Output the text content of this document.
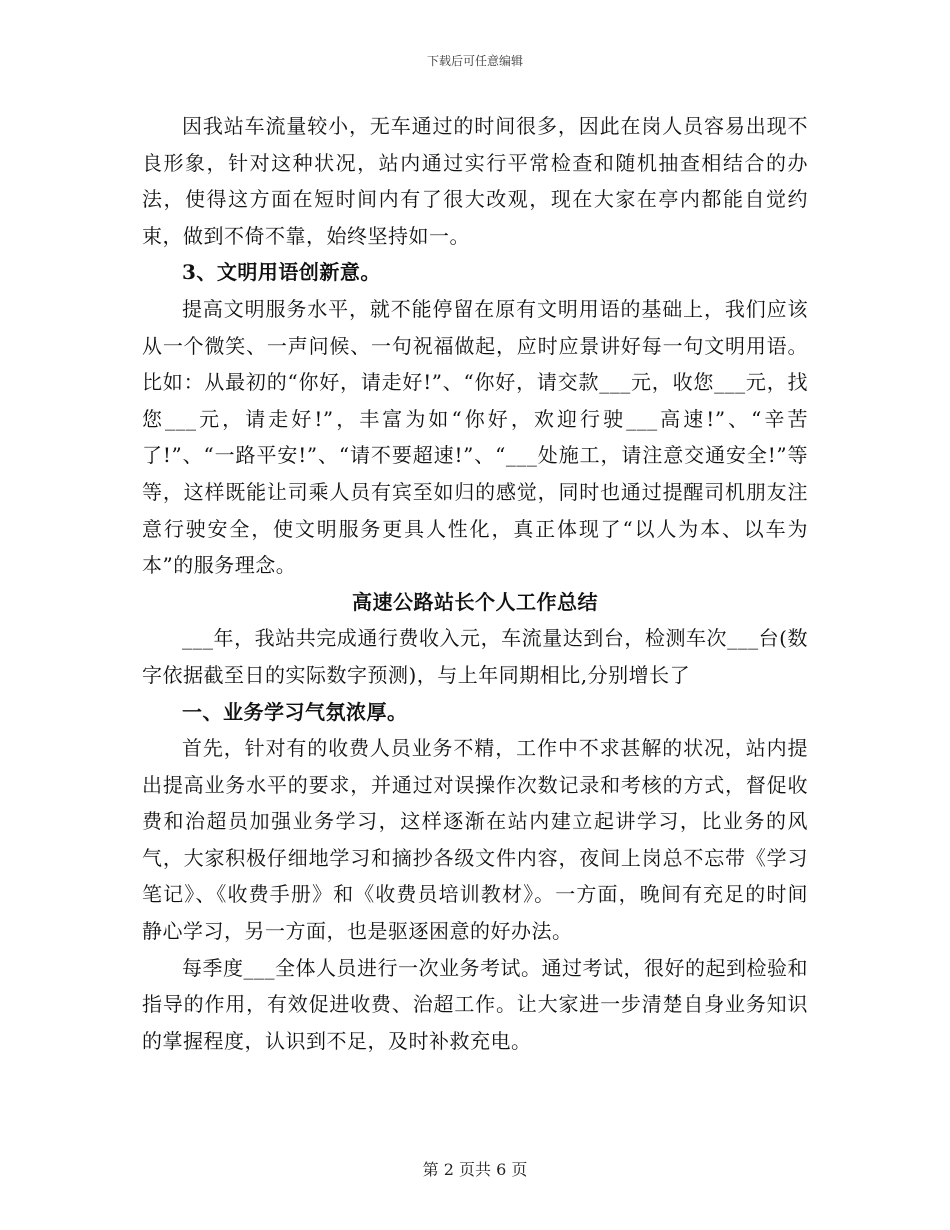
下载后可任意编辑

因我站车流量较小，无车通过的时间很多，因此在岗人员容易出现不良形象，针对这种状况，站内通过实行平常检查和随机抽查相结合的办法，使得这方面在短时间内有了很大改观，现在大家在亭内都能自觉约束，做到不倚不靠，始终坚持如一。

3、文明用语创新意。

提高文明服务水平，就不能停留在原有文明用语的基础上，我们应该从一个微笑、一声问候、一句祝福做起，应时应景讲好每一句文明用语。比如：从最初的“你好，请走好!”、“你好，请交款___元，收您___元，找您___元，请走好!”，丰富为如“你好，欢迎行驶___高速!”、“辛苦了!”、“一路平安!”、“请不要超速!”、“___处施工，请注意交通安全!”等等，这样既能让司乘人员有宾至如归的感觉，同时也通过提醒司机朋友注意行驶安全，使文明服务更具人性化，真正体现了“以人为本、以车为本”的服务理念。

高速公路站长个人工作总结

___年，我站共完成通行费收入元，车流量达到台，检测车次___台(数字依据截至日的实际数字预测)，与上年同期相比,分别增长了

一、业务学习气氛浓厚。

首先，针对有的收费人员业务不精，工作中不求甚解的状况，站内提出提高业务水平的要求，并通过对误操作次数记录和考核的方式，督促收费和治超员加强业务学习，这样逐渐在站内建立起讲学习，比业务的风气，大家积极仔细地学习和摘抄各级文件内容，夜间上岗总不忘带《学习笔记》、《收费手册》和《收费员培训教材》。一方面，晚间有充足的时间静心学习，另一方面，也是驱逐困意的好办法。

每季度___全体人员进行一次业务考试。通过考试，很好的起到检验和指导的作用，有效促进收费、治超工作。让大家进一步清楚自身业务知识的掌握程度，认识到不足，及时补救充电。

第 2 页共 6 页
